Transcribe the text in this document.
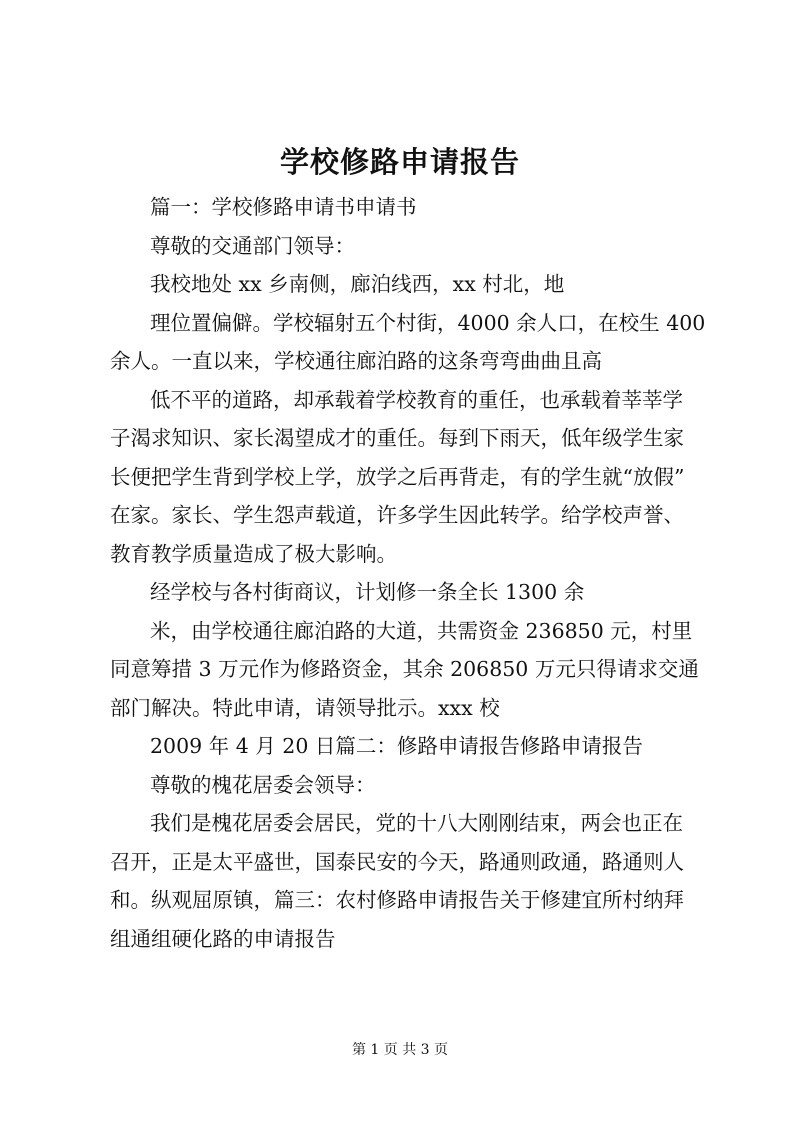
学校修路申请报告
篇一：学校修路申请书申请书
尊敬的交通部门领导：
我校地处 xx 乡南侧，廊泊线西，xx 村北，地
理位置偏僻。学校辐射五个村街，4000 余人口，在校生 400
余人。一直以来，学校通往廊泊路的这条弯弯曲曲且高
低不平的道路，却承载着学校教育的重任，也承载着莘莘学
子渴求知识、家长渴望成才的重任。每到下雨天，低年级学生家
长便把学生背到学校上学，放学之后再背走，有的学生就“放假”
在家。家长、学生怨声载道，许多学生因此转学。给学校声誉、
教育教学质量造成了极大影响。
经学校与各村街商议，计划修一条全长 1300 余
米，由学校通往廊泊路的大道，共需资金 236850 元，村里
同意筹措 3 万元作为修路资金，其余 206850 万元只得请求交通
部门解决。特此申请，请领导批示。xxx 校
2009 年 4 月 20 日篇二：修路申请报告修路申请报告
尊敬的槐花居委会领导：
我们是槐花居委会居民，党的十八大刚刚结束，两会也正在
召开，正是太平盛世，国泰民安的今天，路通则政通，路通则人
和。纵观屈原镇，篇三：农村修路申请报告关于修建宜所村纳拜
组通组硬化路的申请报告
第 1 页 共 3 页
